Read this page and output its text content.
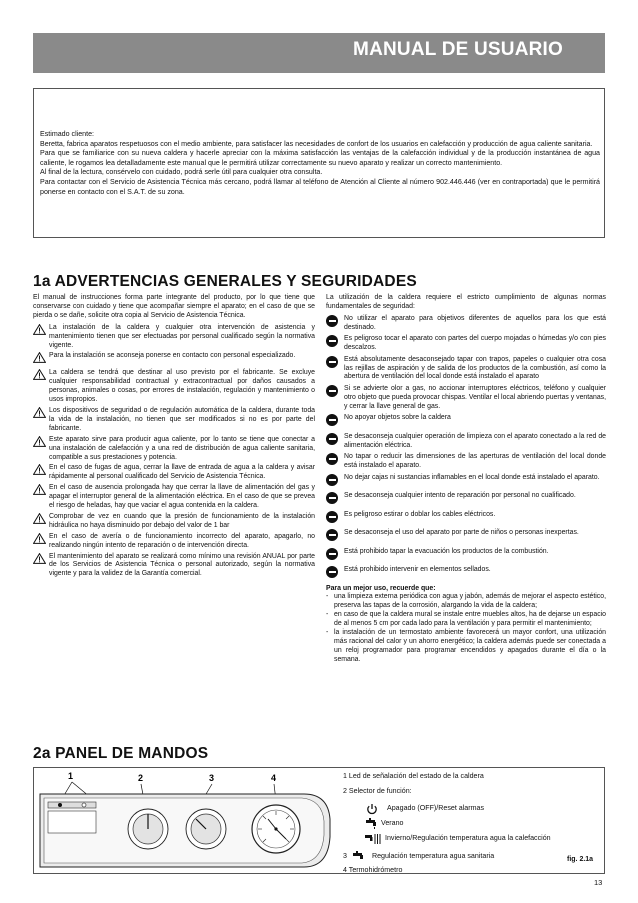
MANUAL DE USUARIO

Estimado cliente:

Beretta, fabrica aparatos respetuosos con el medio ambiente, para satisfacer las necesidades de confort de los usuarios en calefacción y producción de agua caliente sanitaria.

Para que se familiarice con su nueva caldera y hacerle apreciar con la máxima satisfacción las ventajas de la calefacción individual y de la producción instantánea de agua caliente, le rogamos lea detalladamente este manual que le permitirá utilizar correctamente su nuevo aparato y realizar un correcto mantenimiento.

Al final de la lectura, consérvelo con cuidado, podrá serle útil para cualquier otra consulta.

Para contactar con el Servicio de Asistencia Técnica más cercano, podrá llamar al teléfono de Atención al Cliente al número 902.446.446 (ver en contraportada) que le permitirá ponerse en contacto con el S.A.T. de su zona.

1a ADVERTENCIAS GENERALES Y SEGURIDADES

El manual de instrucciones forma parte integrante del producto, por lo que tiene que conservarse con cuidado y tiene que acompañar siempre el aparato; en el caso de que se pierda o se dañe, solicite otra copia al Servicio de Asistencia Técnica.

La instalación de la caldera y cualquier otra intervención de asistencia y mantenimiento tienen que ser efectuadas por personal cualificado según la normativa vigente.
Para la instalación se aconseja ponerse en contacto con personal especializado.
La caldera se tendrá que destinar al uso previsto por el fabricante. Se excluye cualquier responsabilidad contractual y extracontractual por daños causados a personas, animales o cosas, por errores de instalación, regulación y mantenimiento o usos impropios.
Los dispositivos de seguridad o de regulación automática de la caldera, durante toda la vida de la instalación, no tienen que ser modificados si no es por parte del fabricante.
Este aparato sirve para producir agua caliente, por lo tanto se tiene que conectar a una instalación de calefacción y a una red de distribución de agua caliente sanitaria, compatible a sus prestaciones y potencia.
En el caso de fugas de agua, cerrar la llave de entrada de agua a la caldera y avisar rápidamente al personal cualificado del Servicio de Asistencia Técnica.
En el caso de ausencia prolongada hay que cerrar la llave de alimentación del gas y apagar el interruptor general de la alimentación eléctrica. En el caso de que se prevea el riesgo de heladas, hay que vaciar el agua contenida en la caldera.
Comprobar de vez en cuando que la presión de funcionamiento de la instalación hidráulica no haya disminuido por debajo del valor de 1 bar
En el caso de avería o de funcionamiento incorrecto del aparato, apagarlo, no realizando ningún intento de reparación o de intervención directa.
El mantenimiento del aparato se realizará como mínimo una revisión ANUAL por parte de los Servicios de Asistencia Técnica o personal autorizado, según la normativa vigente y para la validez de la Garantía comercial.

La utilización de la caldera requiere el estricto cumplimiento de algunas normas fundamentales de seguridad:

No utilizar el aparato para objetivos diferentes de aquellos para los que está destinado.
Es peligroso tocar el aparato con partes del cuerpo mojadas o húmedas y/o con pies descalzos.
Está absolutamente desaconsejado tapar con trapos, papeles o cualquier otra cosa las rejillas de aspiración y de salida de los productos de la combustión, así como la abertura de ventilación del local donde está instalado el aparato
Si se advierte olor a gas, no accionar interruptores eléctricos, teléfono y cualquier otro objeto que pueda provocar chispas. Ventilar el local abriendo puertas y ventanas, y cerrar la llave general de gas.
No apoyar objetos sobre la caldera
Se desaconseja cualquier operación de limpieza con el aparato conectado a la red de alimentación eléctrica.
No tapar o reducir las dimensiones de las aperturas de ventilación del local donde está instalado el aparato.
No dejar cajas ni sustancias inflamables en el local donde está instalado el aparato.
Se desaconseja cualquier intento de reparación por personal no cualificado.
Es peligroso estirar o doblar los cables eléctricos.
Se desaconseja el uso del aparato por parte de niños o personas inexpertas.
Está prohibido tapar la evacuación los productos de la combustión.
Está prohibido intervenir en elementos sellados.
Para un mejor uso, recuerde que:
- una limpieza externa periódica con agua y jabón, además de mejorar el aspecto estético, preserva las tapas de la corrosión, alargando la vida de la caldera;
- en caso de que la caldera mural se instale entre muebles altos, ha de dejarse un espacio de al menos 5 cm por cada lado para la ventilación y para permitir el mantenimiento;
- la instalación de un termostato ambiente favorecerá un mayor confort, una utilización más racional del calor y un ahorro energético; la caldera además puede ser conectada a un reloj programador para programar encendidos y apagados durante el día o la semana.
2a PANEL DE MANDOS
1	2	3	4	1 Led de señalación del estado de la caldera
2 Selector de función:
Apagado (OFF)/Reset alarmas
Verano
Invierno/Regulación temperatura agua la calefacción
3	Regulación temperatura agua sanitaria
4 Termohidrómetro
fig. 2.1a
13
